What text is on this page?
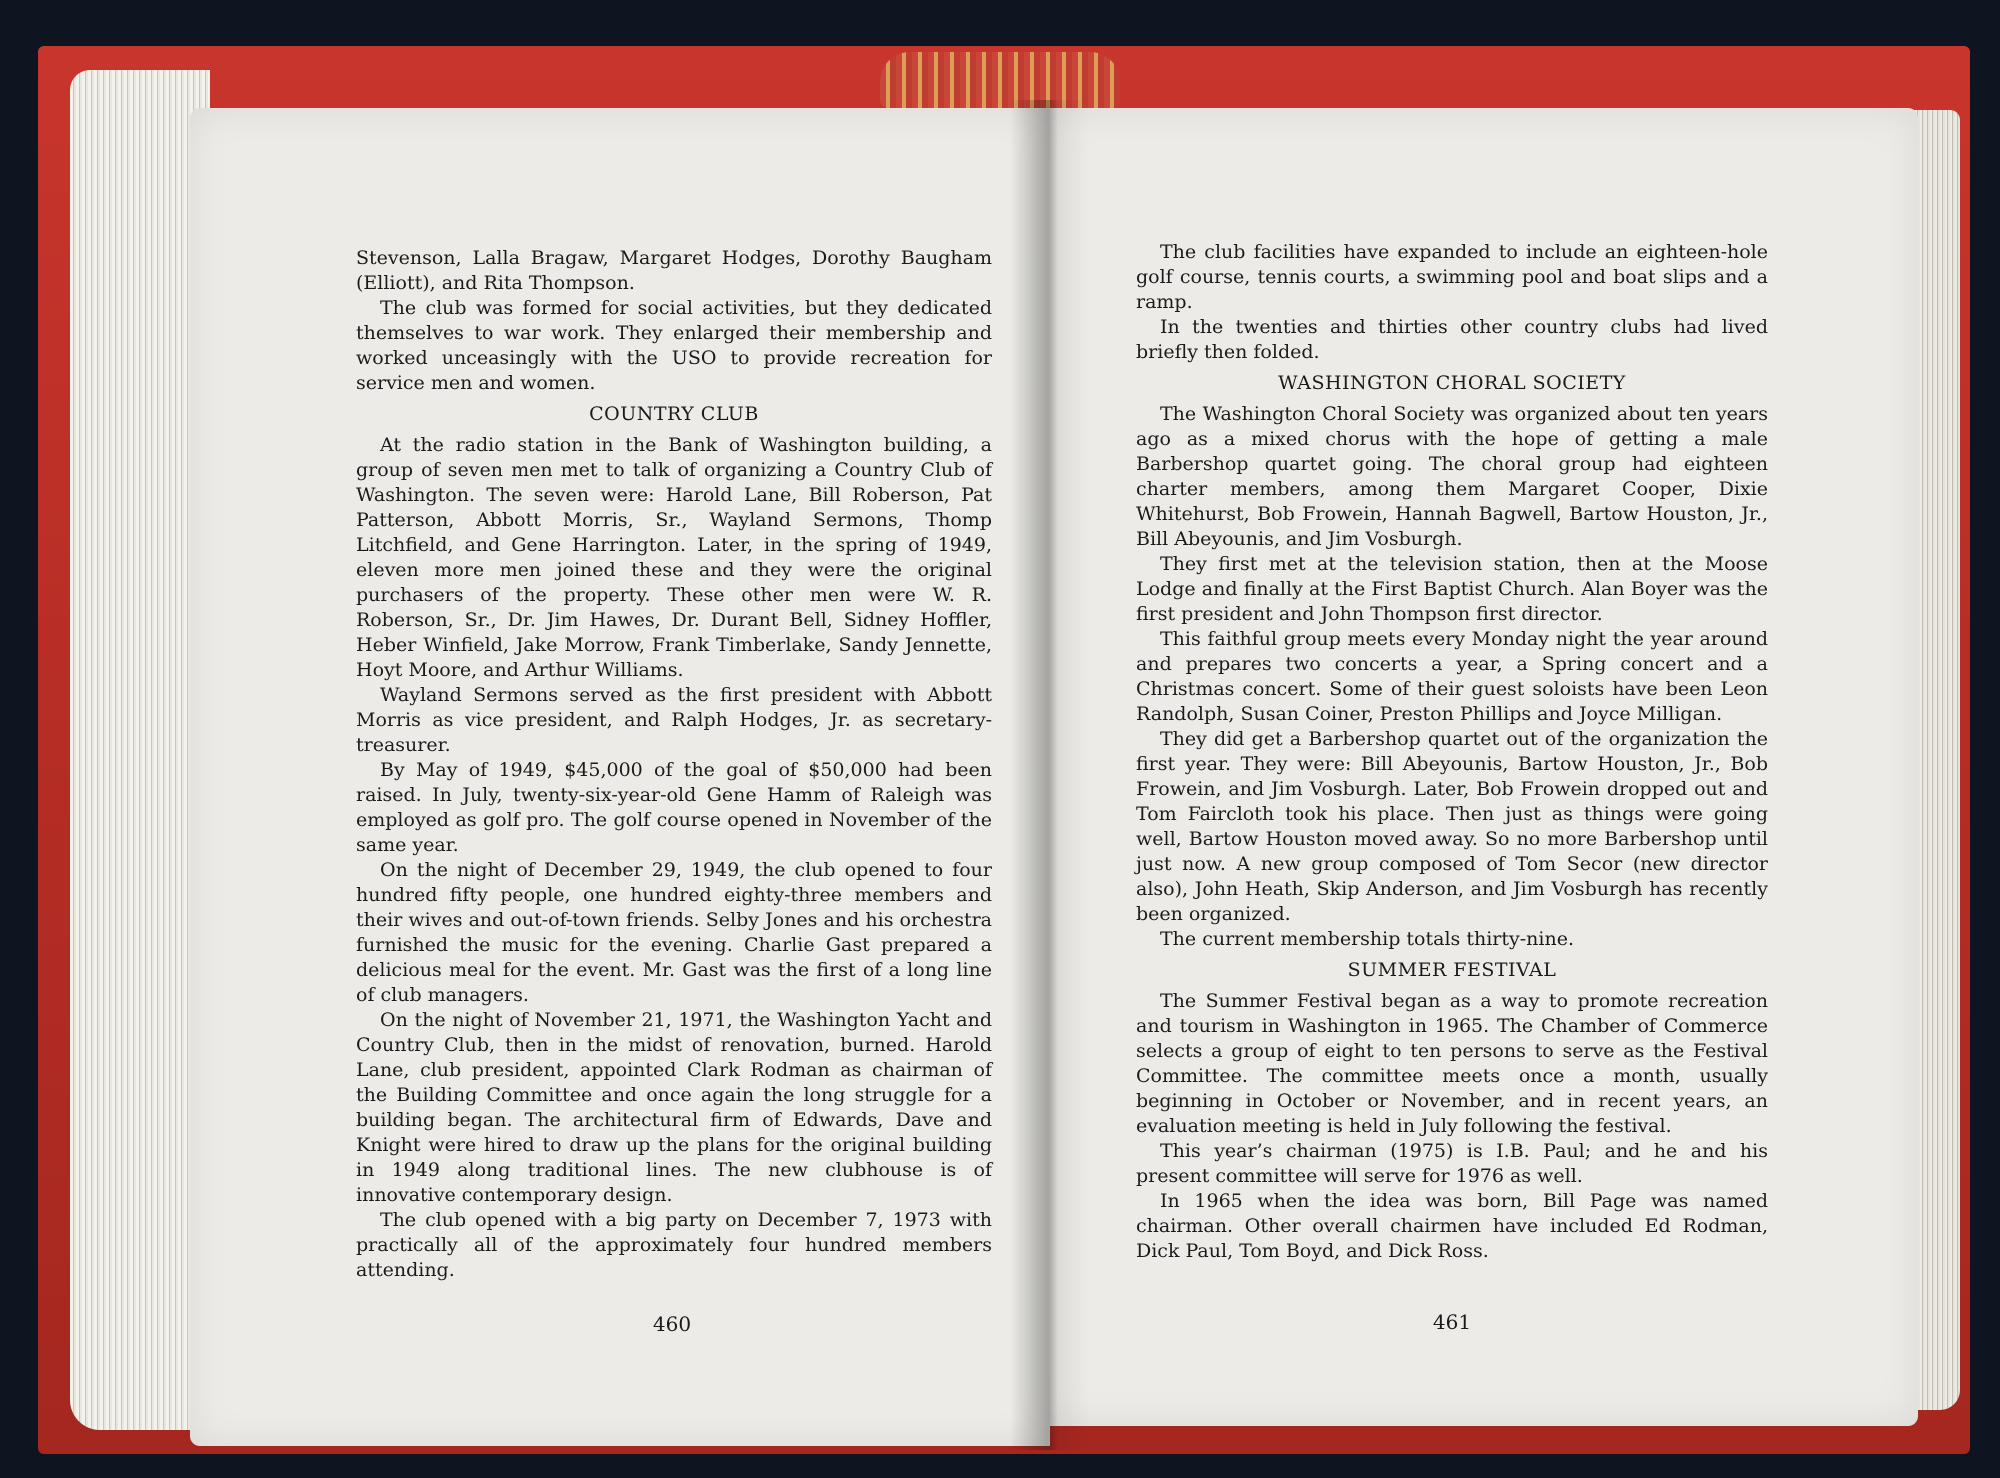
Stevenson, Lalla Bragaw, Margaret Hodges, Dorothy Baugham (Elliott), and Rita Thompson.

The club was formed for social activities, but they dedicated themselves to war work. They enlarged their membership and worked unceasingly with the USO to provide recreation for service men and women.

COUNTRY CLUB

At the radio station in the Bank of Washington building, a group of seven men met to talk of organizing a Country Club of Washington. The seven were: Harold Lane, Bill Roberson, Pat Patterson, Abbott Morris, Sr., Wayland Sermons, Thomp Litchfield, and Gene Harrington. Later, in the spring of 1949, eleven more men joined these and they were the original purchasers of the property. These other men were W. R. Roberson, Sr., Dr. Jim Hawes, Dr. Durant Bell, Sidney Hoffler, Heber Winfield, Jake Morrow, Frank Timberlake, Sandy Jennette, Hoyt Moore, and Arthur Williams.

Wayland Sermons served as the first president with Abbott Morris as vice president, and Ralph Hodges, Jr. as secretary-treasurer.

By May of 1949, $45,000 of the goal of $50,000 had been raised. In July, twenty-six-year-old Gene Hamm of Raleigh was employed as golf pro. The golf course opened in November of the same year.

On the night of December 29, 1949, the club opened to four hundred fifty people, one hundred eighty-three members and their wives and out-of-town friends. Selby Jones and his orchestra furnished the music for the evening. Charlie Gast prepared a delicious meal for the event. Mr. Gast was the first of a long line of club managers.

On the night of November 21, 1971, the Washington Yacht and Country Club, then in the midst of renovation, burned. Harold Lane, club president, appointed Clark Rodman as chairman of the Building Committee and once again the long struggle for a building began. The architectural firm of Edwards, Dave and Knight were hired to draw up the plans for the original building in 1949 along traditional lines. The new clubhouse is of innovative contemporary design.

The club opened with a big party on December 7, 1973 with practically all of the approximately four hundred members attending.

The club facilities have expanded to include an eighteen-hole golf course, tennis courts, a swimming pool and boat slips and a ramp.

In the twenties and thirties other country clubs had lived briefly then folded.

WASHINGTON CHORAL SOCIETY

The Washington Choral Society was organized about ten years ago as a mixed chorus with the hope of getting a male Barbershop quartet going. The choral group had eighteen charter members, among them Margaret Cooper, Dixie Whitehurst, Bob Frowein, Hannah Bagwell, Bartow Houston, Jr., Bill Abeyounis, and Jim Vosburgh.

They first met at the television station, then at the Moose Lodge and finally at the First Baptist Church. Alan Boyer was the first president and John Thompson first director.

This faithful group meets every Monday night the year around and prepares two concerts a year, a Spring concert and a Christmas concert. Some of their guest soloists have been Leon Randolph, Susan Coiner, Preston Phillips and Joyce Milligan.

They did get a Barbershop quartet out of the organization the first year. They were: Bill Abeyounis, Bartow Houston, Jr., Bob Frowein, and Jim Vosburgh. Later, Bob Frowein dropped out and Tom Faircloth took his place. Then just as things were going well, Bartow Houston moved away. So no more Barbershop until just now. A new group composed of Tom Secor (new director also), John Heath, Skip Anderson, and Jim Vosburgh has recently been organized.

The current membership totals thirty-nine.

SUMMER FESTIVAL

The Summer Festival began as a way to promote recreation and tourism in Washington in 1965. The Chamber of Commerce selects a group of eight to ten persons to serve as the Festival Committee. The committee meets once a month, usually beginning in October or November, and in recent years, an evaluation meeting is held in July following the festival.

This year’s chairman (1975) is I.B. Paul; and he and his present committee will serve for 1976 as well.

In 1965 when the idea was born, Bill Page was named chairman. Other overall chairmen have included Ed Rodman, Dick Paul, Tom Boyd, and Dick Ross.

460	461
